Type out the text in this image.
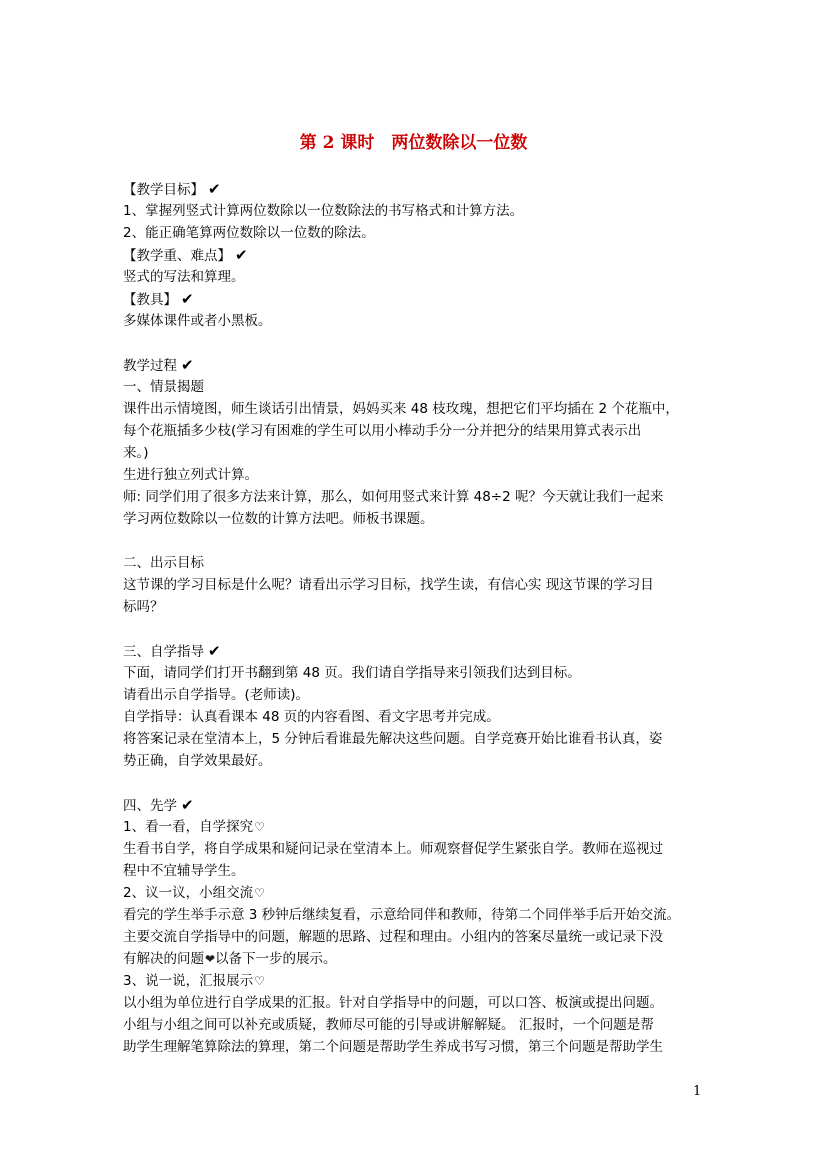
第 2 课时　两位数除以一位数
【教学目标】 ✔
1、掌握列竖式计算两位数除以一位数除法的书写格式和计算方法。
2、能正确笔算两位数除以一位数的除法。
【教学重、难点】 ✔
竖式的写法和算理。
【教具】 ✔
多媒体课件或者小黑板。
教学过程 ✔
一、情景揭题
课件出示情境图，师生谈话引出情景，妈妈买来 48 枝玫瑰，想把它们平均插在 2 个花瓶中，
每个花瓶插多少枝(学习有困难的学生可以用小棒动手分一分并把分的结果用算式表示出
来。)
生进行独立列式计算。
师: 同学们用了很多方法来计算，那么，如何用竖式来计算 48÷2 呢？今天就让我们一起来
学习两位数除以一位数的计算方法吧。师板书课题。
二、出示目标
这节课的学习目标是什么呢？请看出示学习目标，找学生读，有信心实 现这节课的学习目
标吗？
三、自学指导 ✔
下面，请同学们打开书翻到第 48 页。我们请自学指导来引领我们达到目标。
请看出示自学指导。(老师读)。
自学指导：认真看课本 48 页的内容看图、看文字思考并完成。
将答案记录在堂清本上，5 分钟后看谁最先解决这些问题。自学竞赛开始比谁看书认真，姿
势正确，自学效果最好。
四、先学 ✔
1、看一看，自学探究♡
生看书自学，将自学成果和疑问记录在堂清本上。师观察督促学生紧张自学。教师在巡视过
程中不宜辅导学生。
2、议一议，小组交流♡
看完的学生举手示意 3 秒钟后继续复看，示意给同伴和教师，待第二个同伴举手后开始交流。
主要交流自学指导中的问题，解题的思路、过程和理由。小组内的答案尽量统一或记录下没
有解决的问题❤以备下一步的展示。
3、说一说，汇报展示♡
以小组为单位进行自学成果的汇报。针对自学指导中的问题，可以口答、板演或提出问题。
小组与小组之间可以补充或质疑，教师尽可能的引导或讲解解疑。 汇报时，一个问题是帮
助学生理解笔算除法的算理，第二个问题是帮助学生养成书写习惯，第三个问题是帮助学生
1
